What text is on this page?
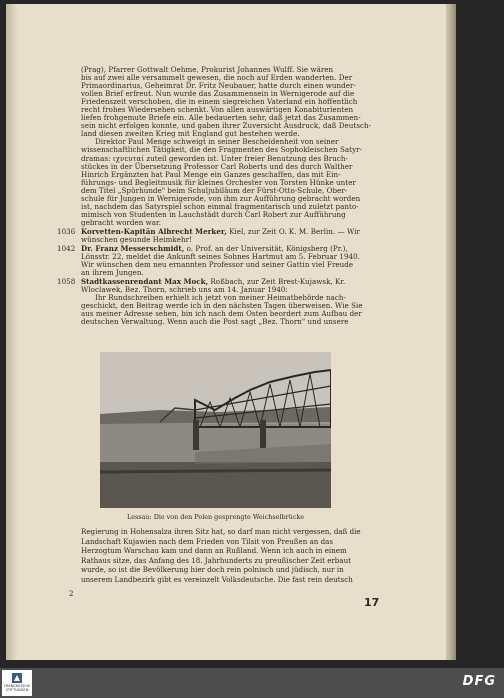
(Prag), Pfarrer Gottwalt Oehme, Prokurist Johannes Wulff. Sie wären
bis auf zwei alle versammelt gewesen, die noch auf Erden wanderten. Der
Primaordinarius, Geheimrat Dr. Fritz Neubauer, hatte durch einen wunder-
vollen Brief erfreut. Nun wurde das Zusammensein in Wernigerode auf die
Friedenszeit verschoben, die in einem siegreichen Vaterland ein hoffentlich
recht frohes Wiedersehen schenkt. Von allen auswärtigen Konabiturienten
liefen frohgemute Briefe ein. Alle bedauerten sehr, daß jetzt das Zusammen-
sein nicht erfolgen konnte, und gaben ihrer Zuversicht Ausdruck, daß Deutsch-
land diesen zweiten Krieg mit England gut bestehen werde.
Direktor Paul Menge schweigt in seiner Bescheidenheit von seiner
wissenschaftlichen Tätigkeit, die den Fragmenten des Sophokleischen Satyr-
dramas: ιχνευταί zuteil geworden ist. Unter freier Benutzung des Bruch-
stückes in der Übersetzung Professor Carl Roberts und des durch Walther
Hinrich Ergänzten hat Paul Menge ein Ganzes geschaffen, das mit Ein-
führungs- und Begleitmusik für kleines Orchester von Torsten Hünke unter
dem Titel „Spürhunde" beim Schuljubiläum der Fürst-Otto-Schule, Ober-
schule für Jungen in Wernigerode, von ihm zur Aufführung gebracht worden
ist, nachdem das Satyrspiel schon einmal fragmentarisch und zuletzt panto-
mimisch von Studenten in Lauchstädt durch Carl Robert zur Aufführung
gebracht worden war.
1036 Korvetten-Kapitän Albrecht Merker, Kiel, zur Zeit O. K. M. Berlin. — Wir
wünschen gesunde Heimkehr!
1042 Dr. Franz Messerschmidt, o. Prof. an der Universität, Königsberg (Pr.),
Lönsstr. 22, meldet die Ankunft seines Sohnes Hartmut am 5. Februar 1940.
Wir wünschen dem neu ernannten Professor und seiner Gattin viel Freude
an ihrem Jungen.
1058 Stadtkassenrendant Max Mock, Roßbach, zur Zeit Brest-Kujawsk, Kr.
Wloclawek, Bez. Thorn, schrieb uns am 14. Januar 1940:
Ihr Rundschreiben erhielt ich jetzt von meiner Heimatbehörde nach-
geschickt, den Beitrag werde ich in den nächsten Tagen überweisen. Wie Sie
aus meiner Adresse sehen, bin ich nach dem Osten beordert zum Aufbau der
deutschen Verwaltung. Wenn auch die Post sagt „Bez. Thorn" und unsere
Lessau: Die von den Polen gesprengte Weichselbrücke
Regierung in Hohensalza ihren Sitz hat, so darf man nicht vergessen, daß die
Landschaft Kujawien nach dem Frieden von Tilsit von Preußen an das
Herzogtum Warschau kam und dann an Rußland. Wenn ich auch in einem
Rathaus sitze, das Anfang des 18. Jahrhunderts zu preußischer Zeit erbaut
wurde, so ist die Bevölkerung hier doch rein polnisch und jüdisch, nur in
unserem Landbezirk gibt es vereinzelt Volksdeutsche. Die fast rein deutsch
2
17
FRANCKESCHE STIFTUNGEN
DFG
